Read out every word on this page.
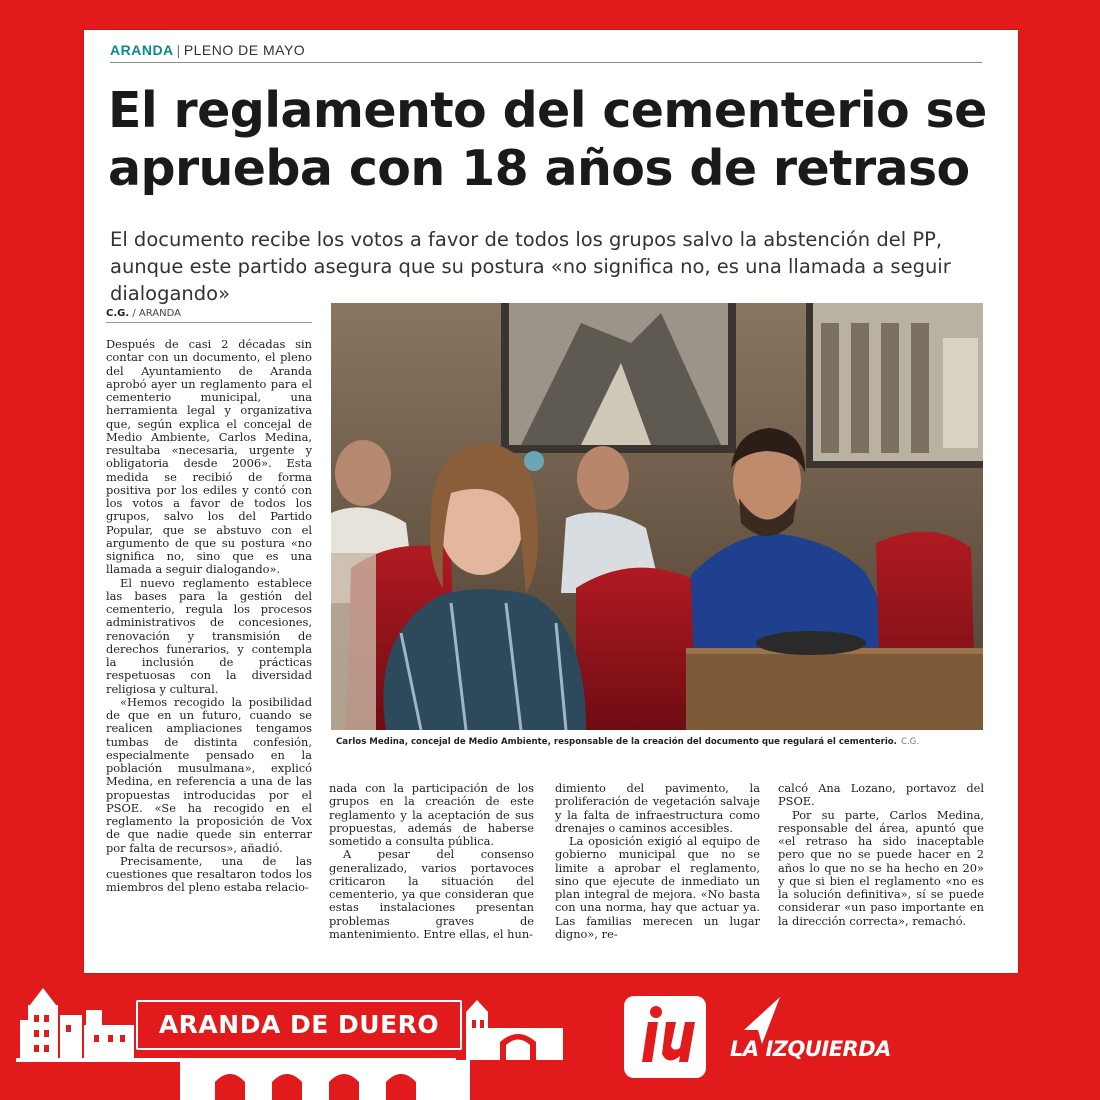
ARANDA | PLENO DE MAYO
El reglamento del cementerio se aprueba con 18 años de retraso

El documento recibe los votos a favor de todos los grupos salvo la abstención del PP, aunque este partido asegura que su postura «no significa no, es una llamada a seguir dialogando»

C.G. / ARANDA

Después de casi 2 décadas sin contar con un documento, el pleno del Ayuntamiento de Aranda aprobó ayer un reglamento para el cementerio municipal, una herramienta legal y organizativa que, según explica el concejal de Medio Ambiente, Carlos Medina, resultaba «necesaria, urgente y obligatoria desde 2006». Esta medida se recibió de forma positiva por los ediles y contó con los votos a favor de todos los grupos, salvo los del Partido Popular, que se abstuvo con el argumento de que su postura «no significa no, sino que es una llamada a seguir dialogando».

El nuevo reglamento establece las bases para la gestión del cementerio, regula los procesos administrativos de concesiones, renovación y transmisión de derechos funerarios, y contempla la inclusión de prácticas respetuosas con la diversidad religiosa y cultural.

«Hemos recogido la posibilidad de que en un futuro, cuando se realicen ampliaciones tengamos tumbas de distinta confesión, especialmente pensado en la población musulmana», explicó Medina, en referencia a una de las propuestas introducidas por el PSOE. «Se ha recogido en el reglamento la proposición de Vox de que nadie quede sin enterrar por falta de recursos», añadió.

Precisamente, una de las cuestiones que resaltaron todos los miembros del pleno estaba relacio-

nada con la participación de los grupos en la creación de este reglamento y la aceptación de sus propuestas, además de haberse sometido a consulta pública.

A pesar del consenso generalizado, varios portavoces criticaron la situación del cementerio, ya que consideran que estas instalaciones presentan problemas graves de mantenimiento. Entre ellas, el hun-

dimiento del pavimento, la proliferación de vegetación salvaje y la falta de infraestructura como drenajes o caminos accesibles.

La oposición exigió al equipo de gobierno municipal que no se limite a aprobar el reglamento, sino que ejecute de inmediato un plan integral de mejora. «No basta con una norma, hay que actuar ya. Las familias merecen un lugar digno», re-

calcó Ana Lozano, portavoz del PSOE.

Por su parte, Carlos Medina, responsable del área, apuntó que «el retraso ha sido inaceptable pero que no se puede hacer en 2 años lo que no se ha hecho en 20» y que si bien el reglamento «no es la solución definitiva», sí se puede considerar «un paso importante en la dirección correcta», remachó.

Carlos Medina, concejal de Medio Ambiente, responsable de la creación del documento que regulará el cementerio. C.G.
ARANDA DE DUERO
LA IZQUIERDA
